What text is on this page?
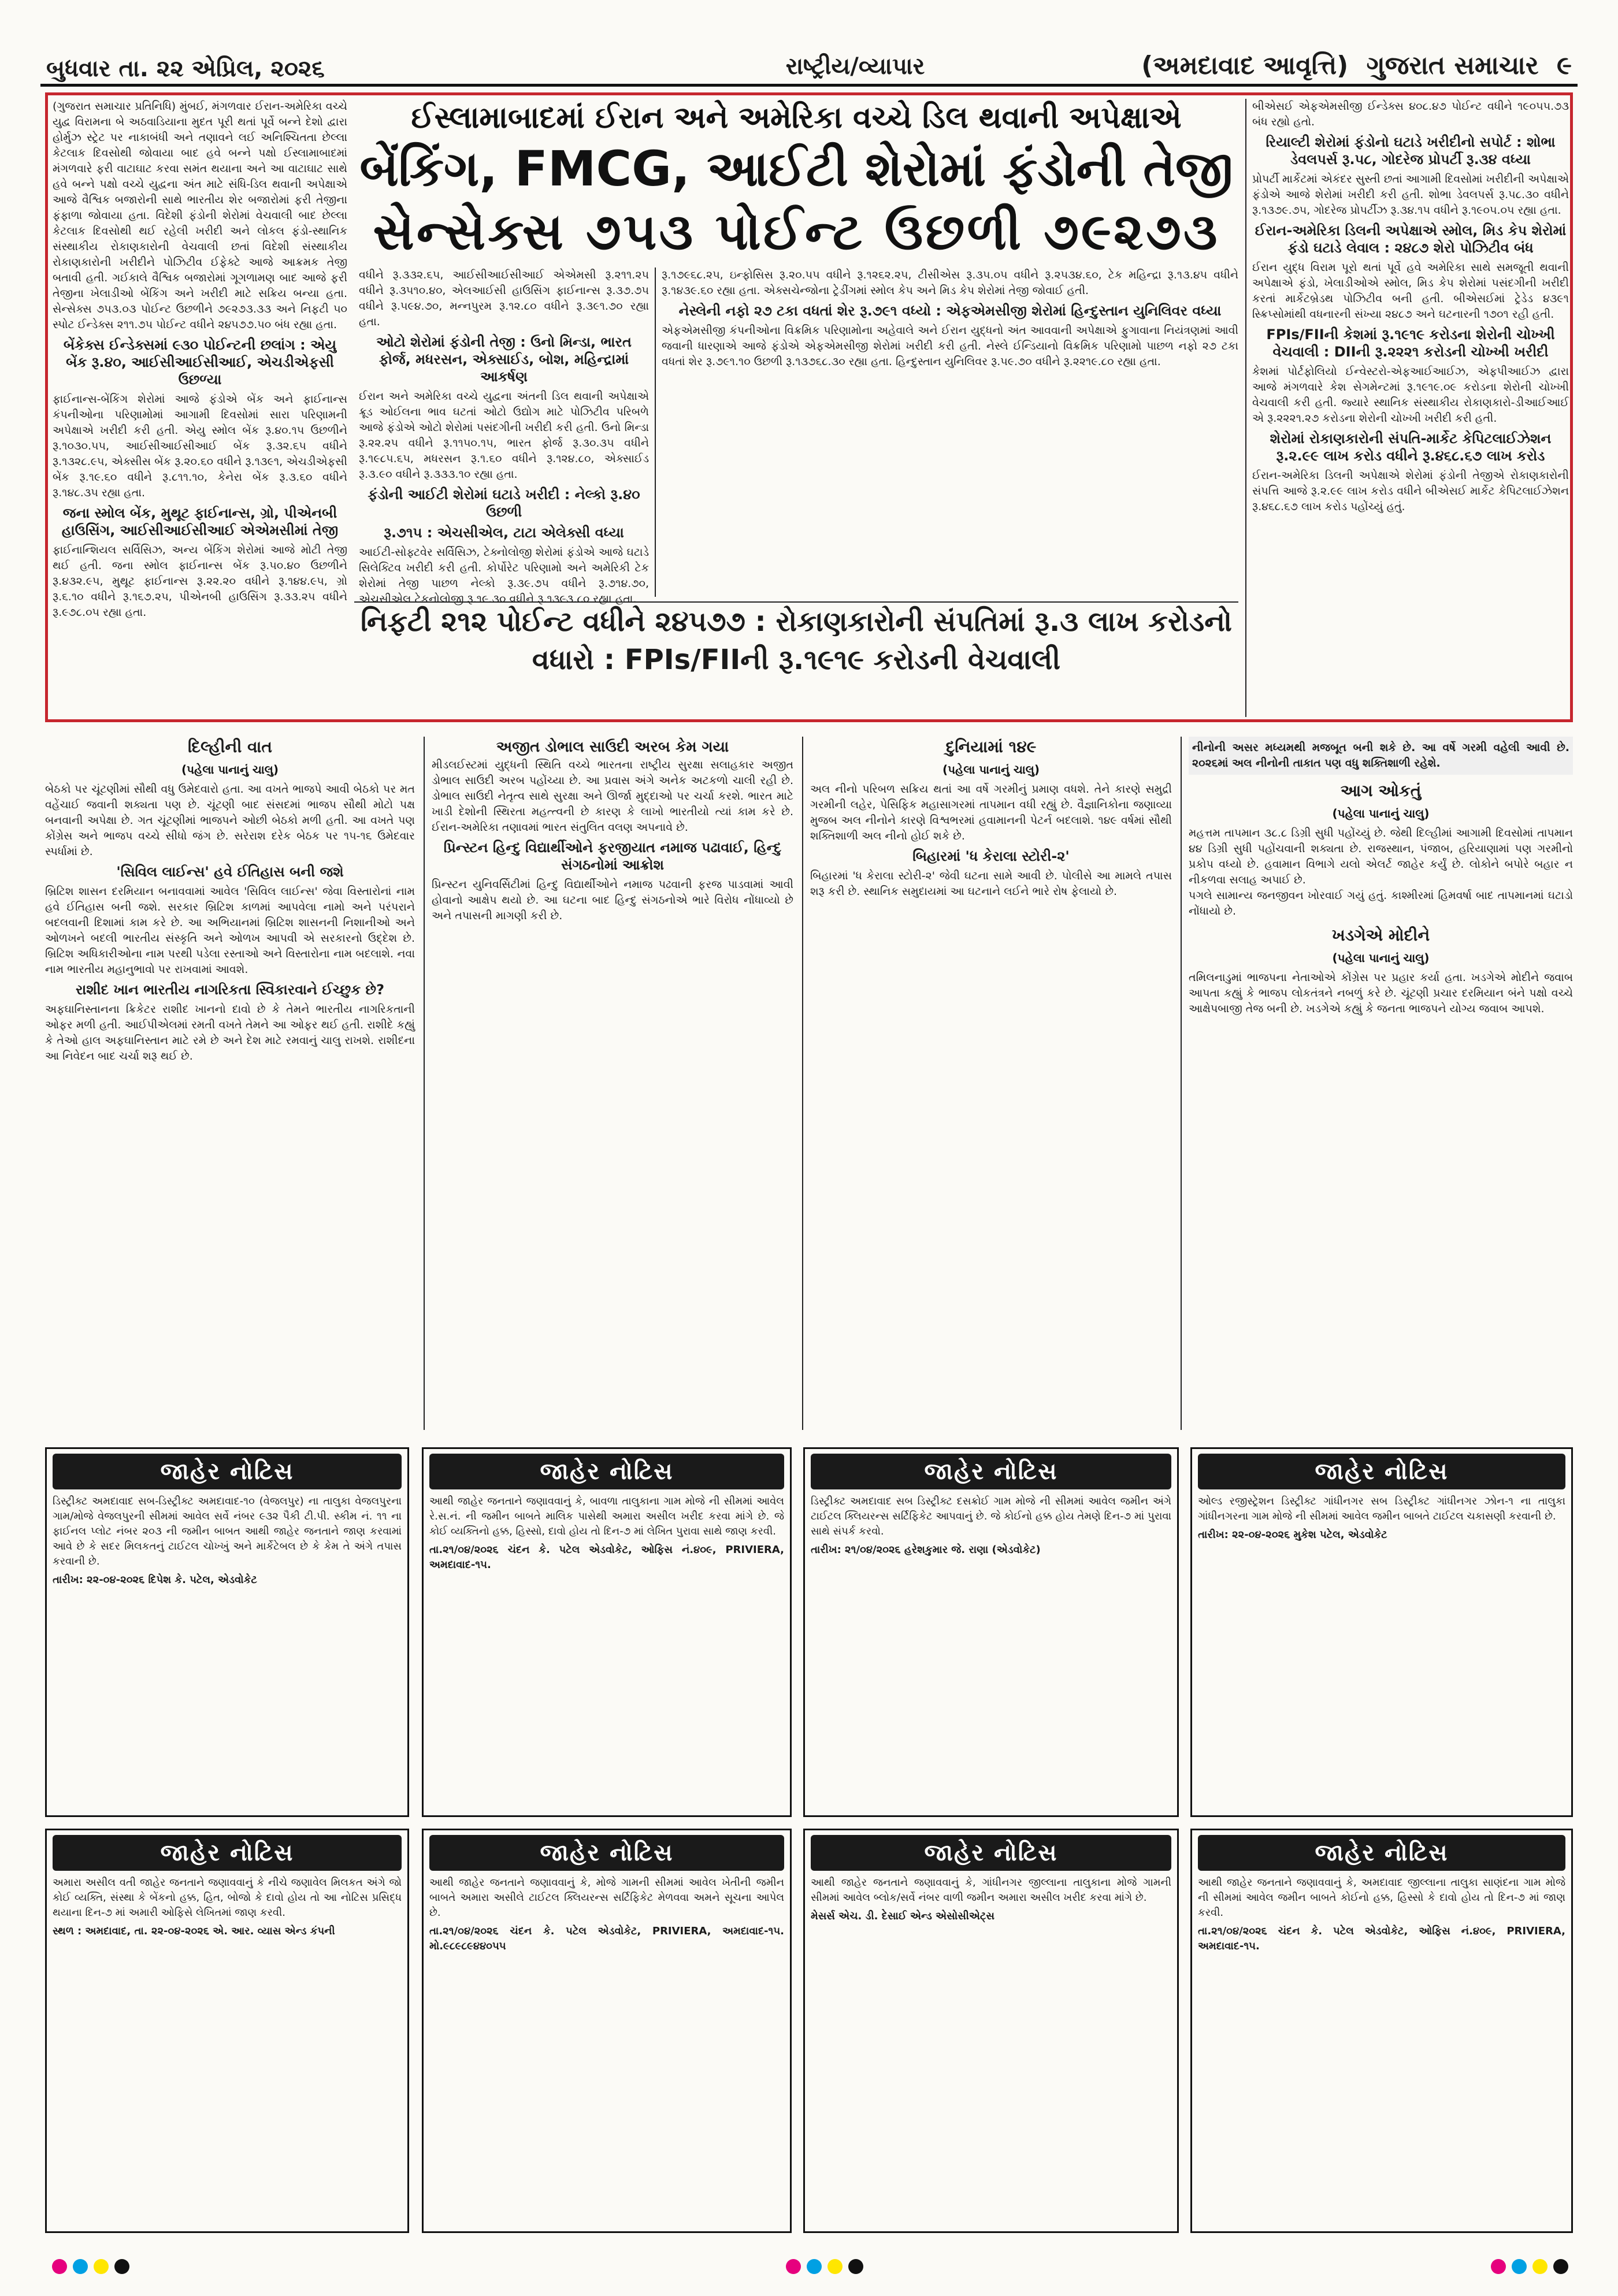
બુધવાર તા. ૨૨ એપ્રિલ, ૨૦૨૬	રાષ્ટ્રીય/વ્યાપાર	(અમદાવાદ આવૃત્તિ) ગુજરાત સમાચાર ૯

(ગુજરાત સમાચાર પ્રતિનિધિ) મુંબઈ, મંગળવાર ઈરાન-અમેરિકા વચ્ચે યુદ્વ વિરામના બે અઠવાડિયાના મુદત પૂરી થતાં પૂર્વે બન્ને દેશો દ્વારા હોર્મુઝ સ્ટ્રેટ પર નાકાબંધી અને તણાવને લઈ અનિશ્ચિતતા છેલ્લા કેટલાક દિવસોથી જોવાયા બાદ હવે બન્ને પક્ષો ઈસ્લામાબાદમાં મંગળવારે ફરી વાટાઘાટ કરવા સમંત થયાના અને આ વાટાઘાટ સાથે હવે બન્ને પક્ષો વચ્ચે યુદ્વના અંત માટે સંધિ-ડિલ થવાની અપેક્ષાએ આજે વૈશ્વિક બજારોની સાથે ભારતીય શેર બજારોમાં ફરી તેજીના ફંફાળા જોવાયા હતા. વિદેશી ફંડોની શેરોમાં વેચવાલી બાદ છેલ્લા કેટલાક દિવસોથી થઈ રહેલી ખરીદી અને લોકલ ફંડો-સ્થાનિક સંસ્થાકીય રોકાણકારોની વેચવાલી છતાં વિદેશી સંસ્થાકીય રોકાણકારોની ખરીદીને પોઝિટીવ ઈફેક્ટે આજે આક્રમક તેજી બતાવી હતી. ગઈકાલે વૈશ્વિક બજારોમાં ગૂગળામણ બાદ આજે ફરી તેજીના ખેલાડીઓ બેંકિંગ અને ખરીદી માટે સક્રિય બન્યા હતા. સેન્સેક્સ ૭૫૩.૦૩ પોઈન્ટ ઉછળીને ૭૯૨૭૩.૩૩ અને નિફટી ૫૦ સ્પોટ ઈન્ડેક્સ ૨૧૧.૭૫ પોઈન્ટ વધીને ૨૪૫૭૭.૫૦ બંધ રહ્યા હતા.

બેંકેક્સ ઈન્ડેક્સમાં ૯૩૦ પોઈન્ટની છલાંગ : એયુ બેંક રૂ.૪૦, આઈસીઆઈસીઆઈ, એચડીએફસી ઉછળ્યા

ફાઈનાન્સ-બેંકિંગ શેરોમાં આજે ફંડોએ બેંક અને ફાઈનાન્સ કંપનીઓના પરિણામોમાં આગામી દિવસોમાં સારા પરિણામની અપેક્ષાએ ખરીદી કરી હતી. એયુ સ્મોલ બેંક રૂ.૪૦.૧૫ ઉછળીને રૂ.૧૦૩૦.૫૫, આઈસીઆઈસીઆઈ બેંક રૂ.૩૨.૬૫ વધીને રૂ.૧૩૨૮.૯૫, એક્સીસ બેંક રૂ.૨૦.૬૦ વધીને રૂ.૧૩૯૧, એચડીએફસી બેંક રૂ.૧૯.૬૦ વધીને રૂ.૮૧૧.૧૦, કેનેરા બેંક રૂ.૩.૬૦ વધીને રૂ.૧૪૮.૩૫ રહ્યા હતા.

જના સ્મોલ બેંક, મુથૂટ ફાઈનાન્સ, ગ્રો, પીએનબી હાઉસિંગ, આઈસીઆઈસીઆઈ એએમસીમાં તેજી

ફાઈનાન્શિયલ સર્વિસિઝ, અન્ય બેંકિંગ શેરોમાં આજે મોટી તેજી થઈ હતી. જના સ્મોલ ફાઈનાન્સ બેંક રૂ.૫૦.૪૦ ઉછળીને રૂ.૪૩૨.૯૫, મુથૂટ ફાઈનાન્સ રૂ.૨૨.૨૦ વધીને રૂ.૧૪૪.૯૫, ગ્રો રૂ.૬.૧૦ વધીને રૂ.૧૬૭.૨૫, પીએનબી હાઉસિંગ રૂ.૩૩.૨૫ વધીને રૂ.૯૭૮.૦૫ રહ્યા હતા.

ઈસ્લામાબાદમાં ઈરાન અને અમેરિકા વચ્ચે ડિલ થવાની અપેક્ષાએ
બેંકિંગ, FMCG, આઈટી શેરોમાં ફંડોની તેજી
સેન્સેક્સ ૭૫૩ પોઈન્ટ ઉછળી ૭૯૨૭૩

વધીને રૂ.૩૩૨.૬૫, આઈસીઆઈસીઆઈ એએમસી રૂ.૨૧૧.૨૫ વધીને રૂ.૩૫૧૦.૪૦, એલઆઈસી હાઉસિંગ ફાઈનાન્સ રૂ.૩૭.૭૫ વધીને રૂ.૫૯૪.૭૦, મન્નપુરમ રૂ.૧૨.૮૦ વધીને રૂ.૩૯૧.૭૦ રહ્યા હતા.

ઓટો શેરોમાં ફંડોની તેજી : ઉનો મિન્ડા, ભારત ફોર્જ, મધરસન, એક્સાઈડ, બોશ, મહિન્દ્રામાં આકર્ષણ

ઈરાન અને અમેરિકા વચ્ચે યુદ્વના અંતની ડિલ થવાની અપેક્ષાએ ક્રૂડ ઓઈલના ભાવ ઘટતાં ઓટો ઉદ્યોગ માટે પોઝિટીવ પરિબળે આજે ફંડોએ ઓટો શેરોમાં પસંદગીની ખરીદી કરી હતી. ઉનો મિન્ડા રૂ.૨૨.૨૫ વધીને રૂ.૧૧૫૦.૧૫, ભારત ફોર્જ રૂ.૩૦.૩૫ વધીને રૂ.૧૯૮૫.૬૫, મધરસન રૂ.૧.૬૦ વધીને રૂ.૧૨૪.૮૦, એક્સાઈડ રૂ.૩.૯૦ વધીને રૂ.૩૩૩.૧૦ રહ્યા હતા.

ફંડોની આઈટી શેરોમાં ઘટાડે ખરીદી : નેલ્કો રૂ.૪૦ ઉછળી
રૂ.૭૧૫ : એચસીએલ, ટાટા એલેક્સી વધ્યા

આઈટી-સોફ્ટવેર સર્વિસિઝ, ટેક્નોલોજી શેરોમાં ફંડોએ આજે ઘટાડે સિલેક્ટિવ ખરીદી કરી હતી. કોર્પોરેટ પરિણામો અને અમેરિકી ટેક શેરોમાં તેજી પાછળ નેલ્કો રૂ.૩૯.૭૫ વધીને રૂ.૭૧૪.૭૦, એચસીએલ ટેકનોલોજી રૂ.૧૯.૩૦ વધીને રૂ.૧૩૯૩.૮૦ રહ્યા હતા.

રૂ.૧૭૯૬૮.૨૫, ઇન્ફોસિસ રૂ.૨૦.૫૫ વધીને રૂ.૧૨૬૨.૨૫, ટીસીએસ રૂ.૩૫.૦૫ વધીને રૂ.૨૫૩૪.૬૦, ટેક મહિન્દ્રા રૂ.૧૩.૪૫ વધીને રૂ.૧૪૩૯.૬૦ રહ્યા હતા. એક્સચેન્જોના ટ્રેડીંગમાં સ્મોલ કેપ અને મિડ કેપ શેરોમાં તેજી જોવાઈ હતી.

નેસ્લેની નફો ૨૭ ટકા વધતાં શેર રૂ.૭૯૧ વધ્યો : એફએમસીજી શેરોમાં હિન્દુસ્તાન યુનિલિવર વધ્યા

એફએમસીજી કંપનીઓના વિક્રમિક પરિણામોના અહેવાલે અને ઈરાન યુદ્ધનો અંત આવવાની અપેક્ષાએ ફુગાવાના નિયંત્રણમાં આવી જવાની ધારણાએ આજે ફંડોએ એફએમસીજી શેરોમાં ખરીદી કરી હતી. નેસ્લે ઈન્ડિયાનો વિક્રમિક પરિણામો પાછળ નફો ૨૭ ટકા વધતાં શેર રૂ.૭૯૧.૧૦ ઉછળી રૂ.૧૩૭૬૮.૩૦ રહ્યા હતા. હિન્દુસ્તાન યુનિલિવર રૂ.૫૯.૭૦ વધીને રૂ.૨૨૧૯.૮૦ રહ્યા હતા.

નિફટી ૨૧૨ પોઈન્ટ વધીને ૨૪૫૭૭ : રોકાણકારોની સંપતિમાં રૂ.૩ લાખ કરોડનો વધારો : FPIs/FIIની રૂ.૧૯૧૯ કરોડની વેચવાલી

બીએસઈ એફએમસીજી ઈન્ડેક્સ ૪૦૮.૪૭ પોઈન્ટ વધીને ૧૯૦૫૫.૭૩ બંધ રહ્યો હતો.

રિયાલ્ટી શેરોમાં ફંડોનો ઘટાડે ખરીદીનો સપોર્ટ : શોભા ડેવલપર્સ રૂ.૫૮, ગોદરેજ પ્રોપર્ટી રૂ.૩૪ વધ્યા

પ્રોપર્ટી માર્કેટમાં એકંદર સુસ્તી છતાં આગામી દિવસોમાં ખરીદીની અપેક્ષાએ ફંડોએ આજે શેરોમાં ખરીદી કરી હતી. શોભા ડેવલપર્સ રૂ.૫૮.૩૦ વધીને રૂ.૧૩૭૯.૭૫, ગોદરેજ પ્રોપર્ટીઝ રૂ.૩૪.૧૫ વધીને રૂ.૧૯૦૫.૦૫ રહ્યા હતા.

ઈરાન-અમેરિકા ડિલની અપેક્ષાએ સ્મોલ, મિડ કેપ શેરોમાં ફંડો ઘટાડે લેવાલ : ૨૪૮૭ શેરો પોઝિટીવ બંધ

ઈરાન યુદ્ધ વિરામ પૂરો થતાં પૂર્વે હવે અમેરિકા સાથે સમજૂતી થવાની અપેક્ષાએ ફંડો, ખેલાડીઓએ સ્મોલ, મિડ કેપ શેરોમાં પસંદગીની ખરીદી કરતાં માર્કેટબ્રેડથ પોઝિટીવ બની હતી. બીએસઈમાં ટ્રેડેડ ૪૩૯૧ સ્ક્રિપ્સોમાંથી વધનારની સંખ્યા ૨૪૮૭ અને ઘટનારની ૧૭૦૧ રહી હતી.

FPIs/FIIની કેશમાં રૂ.૧૯૧૯ કરોડના શેરોની ચોખ્ખી વેચવાલી : DIIની રૂ.૨૨૨૧ કરોડની ચોખ્ખી ખરીદી

કેશમાં પોર્ટફોલિયો ઈન્વેસ્ટરો-એફઆઈઆઈઝ, એફપીઆઈઝ દ્વારા આજે મંગળવારે કેશ સેગમેન્ટમાં રૂ.૧૯૧૯.૦૯ કરોડના શેરોની ચોખ્ખી વેચવાલી કરી હતી. જ્યારે સ્થાનિક સંસ્થાકીય રોકાણકારો-ડીઆઈઆઈ એ રૂ.૨૨૨૧.૨૭ કરોડના શેરોની ચોખ્ખી ખરીદી કરી હતી.

શેરોમાં રોકાણકારોની સંપતિ-માર્કેટ કેપિટલાઈઝેશન રૂ.૨.૯૯ લાખ કરોડ વધીને રૂ.૪૬૮.૬૭ લાખ કરોડ

ઈરાન-અમેરિકા ડિલની અપેક્ષાએ શેરોમાં ફંડોની તેજીએ રોકાણકારોની સંપત્તિ આજે રૂ.૨.૯૯ લાખ કરોડ વધીને બીએસઈ માર્કેટ કેપિટલાઈઝેશન રૂ.૪૬૮.૬૭ લાખ કરોડ પહોંચ્યું હતું.

દિલ્હીની વાત
(પહેલા પાનાનું ચાલુ)

બેઠકો પર ચૂંટણીમાં સૌથી વધુ ઉમેદવારો હતા. આ વખતે ભાજપે આવી બેઠકો પર મત વહેંચાઈ જવાની શક્યતા પણ છે. ચૂંટણી બાદ સંસદમાં ભાજપ સૌથી મોટો પક્ષ બનવાની અપેક્ષા છે. ગત ચૂંટણીમાં ભાજપને ઓછી બેઠકો મળી હતી. આ વખતે પણ કોંગ્રેસ અને ભાજપ વચ્ચે સીધો જંગ છે. સરેરાશ દરેક બેઠક પર ૧૫-૧૬ ઉમેદવાર સ્પર્ધામાં છે.

'સિવિલ લાઈન્સ' હવે ઈતિહાસ બની જશે

બ્રિટિશ શાસન દરમિયાન બનાવવામાં આવેલ 'સિવિલ લાઈન્સ' જેવા વિસ્તારોનાં નામ હવે ઈતિહાસ બની જશે. સરકાર બ્રિટિશ કાળમાં આપવેલા નામો અને પરંપરાને બદલવાની દિશામાં કામ કરે છે. આ અભિયાનમાં બ્રિટિશ શાસનની નિશાનીઓ અને ઓળખને બદલી ભારતીય સંસ્કૃતિ અને ઓળખ આપવી એ સરકારનો ઉદ્દેશ છે. બ્રિટિશ અધિકારીઓના નામ પરથી પડેલા રસ્તાઓ અને વિસ્તારોના નામ બદલાશે. નવા નામ ભારતીય મહાનુભાવો પર રાખવામાં આવશે.

રાશીદ ખાન ભારતીય નાગરિકતા સ્વિકારવાને ઈચ્છુક છે?

અફઘાનિસ્તાનના ક્રિકેટર રાશીદ ખાનનો દાવો છે કે તેમને ભારતીય નાગરિકતાની ઓફર મળી હતી. આઈપીએલમાં રમતી વખતે તેમને આ ઓફર થઈ હતી. રાશીદે કહ્યું કે તેઓ હાલ અફઘાનિસ્તાન માટે રમે છે અને દેશ માટે રમવાનું ચાલુ રાખશે. રાશીદના આ નિવેદન બાદ ચર્ચા શરૂ થઈ છે.

અજીત ડોભાલ સાઉદી અરબ કેમ ગયા

મીડલઈસ્ટમાં યુદ્ધની સ્થિતિ વચ્ચે ભારતના રાષ્ટ્રીય સુરક્ષા સલાહકાર અજીત ડોભાલ સાઉદી અરબ પહોંચ્યા છે. આ પ્રવાસ અંગે અનેક અટકળો ચાલી રહી છે. ડોભાલ સાઉદી નેતૃત્વ સાથે સુરક્ષા અને ઊર્જા મુદ્દાઓ પર ચર્ચા કરશે. ભારત માટે ખાડી દેશોની સ્થિરતા મહત્ત્વની છે કારણ કે લાખો ભારતીયો ત્યાં કામ કરે છે. ઈરાન-અમેરિકા તણાવમાં ભારત સંતુલિત વલણ અપનાવે છે.

પ્રિન્સ્ટન હિન્દુ વિદ્યાર્થીઓને ફરજીયાત નમાજ પઢાવાઈ, હિન્દુ સંગઠનોમાં આક્રોશ

પ્રિન્સ્ટન યુનિવર્સિટીમાં હિન્દુ વિદ્યાર્થીઓને નમાજ પઢવાની ફરજ પાડવામાં આવી હોવાનો આક્ષેપ થયો છે. આ ઘટના બાદ હિન્દુ સંગઠનોએ ભારે વિરોધ નોંધાવ્યો છે અને તપાસની માગણી કરી છે.

દુનિયામાં ૧૪૯
(પહેલા પાનાનું ચાલુ)

અલ નીનો પરિબળ સક્રિય થતાં આ વર્ષે ગરમીનું પ્રમાણ વધશે. તેને કારણે સમુદ્રી ગરમીની લહેર, પેસિફિક મહાસાગરમાં તાપમાન વધી રહ્યું છે. વૈજ્ઞાનિકોના જણાવ્યા મુજબ અલ નીનોને કારણે વિશ્વભરમાં હવામાનની પેટર્ન બદલાશે. ૧૪૯ વર્ષમાં સૌથી શક્તિશાળી અલ નીનો હોઈ શકે છે.

બિહારમાં 'ધ કેરાલા સ્ટોરી-૨'

બિહારમાં 'ધ કેરાલા સ્ટોરી-૨' જેવી ઘટના સામે આવી છે. પોલીસે આ મામલે તપાસ શરૂ કરી છે. સ્થાનિક સમુદાયમાં આ ઘટનાને લઈને ભારે રોષ ફેલાયો છે.

નીનોની અસર મધ્યમથી મજબૂત બની શકે છે. આ વર્ષે ગરમી વહેલી આવી છે. ૨૦૨૬માં અલ નીનોની તાકાત પણ વધુ શક્તિશાળી રહેશે.

આગ ઓકતું
(પહેલા પાનાનું ચાલુ)

મહત્તમ તાપમાન ૩૮.૮ ડિગ્રી સુધી પહોંચ્યું છે. જેથી દિલ્હીમાં આગામી દિવસોમાં તાપમાન ૪૪ ડિગ્રી સુધી પહોંચવાની શક્યતા છે. રાજસ્થાન, પંજાબ, હરિયાણામાં પણ ગરમીનો પ્રકોપ વધ્યો છે. હવામાન વિભાગે યલો એલર્ટ જાહેર કર્યું છે. લોકોને બપોરે બહાર ન નીકળવા સલાહ અપાઈ છે.

પગલે સામાન્ય જનજીવન ખોરવાઈ ગયું હતું. કાશ્મીરમાં હિમવર્ષા બાદ તાપમાનમાં ઘટાડો નોંધાયો છે.

ખડગેએ મોદીને
(પહેલા પાનાનું ચાલુ)

તમિલનાડુમાં ભાજપના નેતાઓએ કોંગ્રેસ પર પ્રહાર કર્યા હતા. ખડગેએ મોદીને જવાબ આપતા કહ્યું કે ભાજપ લોકતંત્રને નબળું કરે છે. ચૂંટણી પ્રચાર દરમિયાન બંને પક્ષો વચ્ચે આક્ષેપબાજી તેજ બની છે. ખડગેએ કહ્યું કે જનતા ભાજપને યોગ્ય જવાબ આપશે.

જાહેર નોટિસ

ડિસ્ટ્રીક્ટ અમદાવાદ સબ-ડિસ્ટ્રીક્ટ અમદાવાદ-૧૦ (વેજલપુર) ના તાલુકા વેજલપુરના ગામ/મોજે વેજલપુરની સીમમાં આવેલ સર્વે નંબર ૯૩૨ પૈકી ટી.પી. સ્કીમ નં. ૧૧ ના ફાઈનલ પ્લોટ નંબર ૨૦૩ ની જમીન બાબત આથી જાહેર જનતાને જાણ કરવામાં આવે છે કે સદર મિલકતનું ટાઈટલ ચોખ્ખું અને માર્કેટેબલ છે કે કેમ તે અંગે તપાસ કરવાની છે.

તારીખ: ૨૨-૦૪-૨૦૨૬ દિપેશ કે. પટેલ, એડવોકેટ

જાહેર નોટિસ

આથી જાહેર જનતાને જણાવવાનું કે, બાવળા તાલુકાના ગામ મોજે ની સીમમાં આવેલ રે.સ.નં. ની જમીન બાબતે માલિક પાસેથી અમારા અસીલ ખરીદ કરવા માંગે છે. જે કોઈ વ્યક્તિનો હક્ક, હિસ્સો, દાવો હોય તો દિન-૭ માં લેખિત પુરાવા સાથે જાણ કરવી.

તા.૨૧/૦૪/૨૦૨૬ ચંદન કે. પટેલ એડવોકેટ, ઓફિસ નં.૪૦૯, PRIVIERA, અમદાવાદ-૧૫.

જાહેર નોટિસ

ડિસ્ટ્રીક્ટ અમદાવાદ સબ ડિસ્ટ્રીક્ટ દસક્રોઈ ગામ મોજે ની સીમમાં આવેલ જમીન અંગે ટાઈટલ ક્લિયરન્સ સર્ટિફિકેટ આપવાનું છે. જે કોઈનો હક્ક હોય તેમણે દિન-૭ માં પુરાવા સાથે સંપર્ક કરવો.

તારીખ: ૨૧/૦૪/૨૦૨૬ હરેશકુમાર જે. રાણા (એડવોકેટ)

જાહેર નોટિસ

ઓલ્ડ રજીસ્ટ્રેશન ડિસ્ટ્રીક્ટ ગાંધીનગર સબ ડિસ્ટ્રીક્ટ ગાંધીનગર ઝોન-૧ ના તાલુકા ગાંધીનગરના ગામ મોજે ની સીમમાં આવેલ જમીન બાબતે ટાઈટલ ચકાસણી કરવાની છે.

તારીખ: ૨૨-૦૪-૨૦૨૬ મુકેશ પટેલ, એડવોકેટ

જાહેર નોટિસ

અમારા અસીલ વતી જાહેર જનતાને જણાવવાનું કે નીચે જણાવેલ મિલકત અંગે જો કોઈ વ્યક્તિ, સંસ્થા કે બેંકનો હક્ક, હિત, બોજો કે દાવો હોય તો આ નોટિસ પ્રસિદ્ધ થયાના દિન-૭ માં અમારી ઓફિસે લેખિતમાં જાણ કરવી.

સ્થળ : અમદાવાદ, તા. ૨૨-૦૪-૨૦૨૬ એ. આર. વ્યાસ એન્ડ કંપની

જાહેર નોટિસ

આથી જાહેર જનતાને જણાવવાનું કે, મોજે ગામની સીમમાં આવેલ ખેતીની જમીન બાબતે અમારા અસીલે ટાઈટલ ક્લિયરન્સ સર્ટિફિકેટ મેળવવા અમને સૂચના આપેલ છે.

તા.૨૧/૦૪/૨૦૨૬ ચંદન કે. પટેલ એડવોકેટ, PRIVIERA, અમદાવાદ-૧૫. મો.૯૮૯૮૯૪૪૦૫૫

જાહેર નોટિસ

આથી જાહેર જનતાને જણાવવાનું કે, ગાંધીનગર જીલ્લાના તાલુકાના મોજે ગામની સીમમાં આવેલ બ્લોક/સર્વે નંબર વાળી જમીન અમારા અસીલ ખરીદ કરવા માંગે છે.

મેસર્સ એચ. ડી. દેસાઈ એન્ડ એસોસીએટ્સ

જાહેર નોટિસ

આથી જાહેર જનતાને જણાવવાનું કે, અમદાવાદ જીલ્લાના તાલુકા સાણંદના ગામ મોજે ની સીમમાં આવેલ જમીન બાબતે કોઈનો હક્ક, હિસ્સો કે દાવો હોય તો દિન-૭ માં જાણ કરવી.

તા.૨૧/૦૪/૨૦૨૬ ચંદન કે. પટેલ એડવોકેટ, ઓફિસ નં.૪૦૯, PRIVIERA, અમદાવાદ-૧૫.
